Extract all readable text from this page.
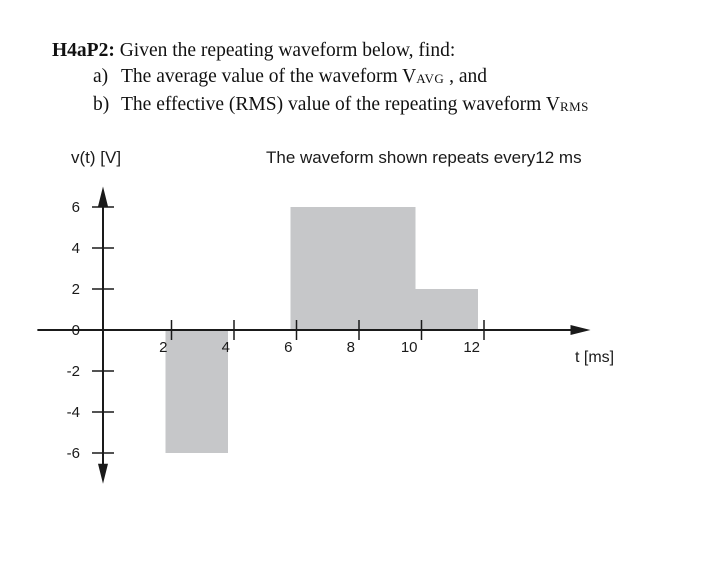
H4aP2: Given the repeating waveform below, find:
a) The average value of the waveform VAVG , and
b) The effective (RMS) value of the repeating waveform VRMS
v(t) [V]	The waveform shown repeats every12 ms
t [ms]
6
4
2
0
-2
-4
-6
2	4	6	8	10	12
